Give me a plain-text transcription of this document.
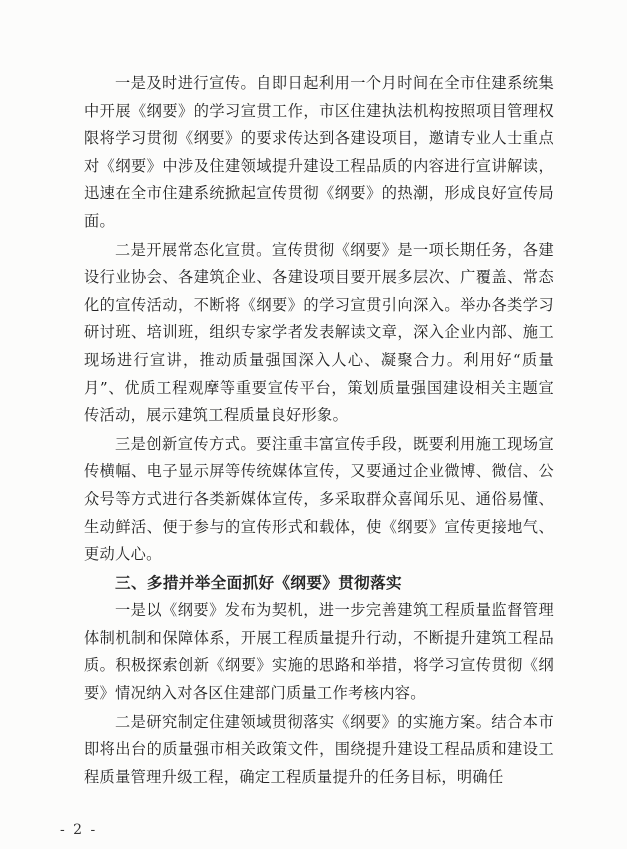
一是及时进行宣传。自即日起利用一个月时间在全市住建系统集中开展《纲要》的学习宣贯工作，市区住建执法机构按照项目管理权限将学习贯彻《纲要》的要求传达到各建设项目，邀请专业人士重点对《纲要》中涉及住建领域提升建设工程品质的内容进行宣讲解读，迅速在全市住建系统掀起宣传贯彻《纲要》的热潮，形成良好宣传局面。

二是开展常态化宣贯。宣传贯彻《纲要》是一项长期任务，各建设行业协会、各建筑企业、各建设项目要开展多层次、广覆盖、常态化的宣传活动，不断将《纲要》的学习宣贯引向深入。举办各类学习研讨班、培训班，组织专家学者发表解读文章，深入企业内部、施工现场进行宣讲，推动质量强国深入人心、凝聚合力。利用好“质量月”、优质工程观摩等重要宣传平台，策划质量强国建设相关主题宣传活动，展示建筑工程质量良好形象。

三是创新宣传方式。要注重丰富宣传手段，既要利用施工现场宣传横幅、电子显示屏等传统媒体宣传，又要通过企业微博、微信、公众号等方式进行各类新媒体宣传，多采取群众喜闻乐见、通俗易懂、生动鲜活、便于参与的宣传形式和载体，使《纲要》宣传更接地气、更动人心。

三、多措并举全面抓好《纲要》贯彻落实

一是以《纲要》发布为契机，进一步完善建筑工程质量监督管理体制机制和保障体系，开展工程质量提升行动，不断提升建筑工程品质。积极探索创新《纲要》实施的思路和举措，将学习宣传贯彻《纲要》情况纳入对各区住建部门质量工作考核内容。

二是研究制定住建领域贯彻落实《纲要》的实施方案。结合本市即将出台的质量强市相关政策文件，围绕提升建设工程品质和建设工程质量管理升级工程，确定工程质量提升的任务目标，明确任

- 2 -
